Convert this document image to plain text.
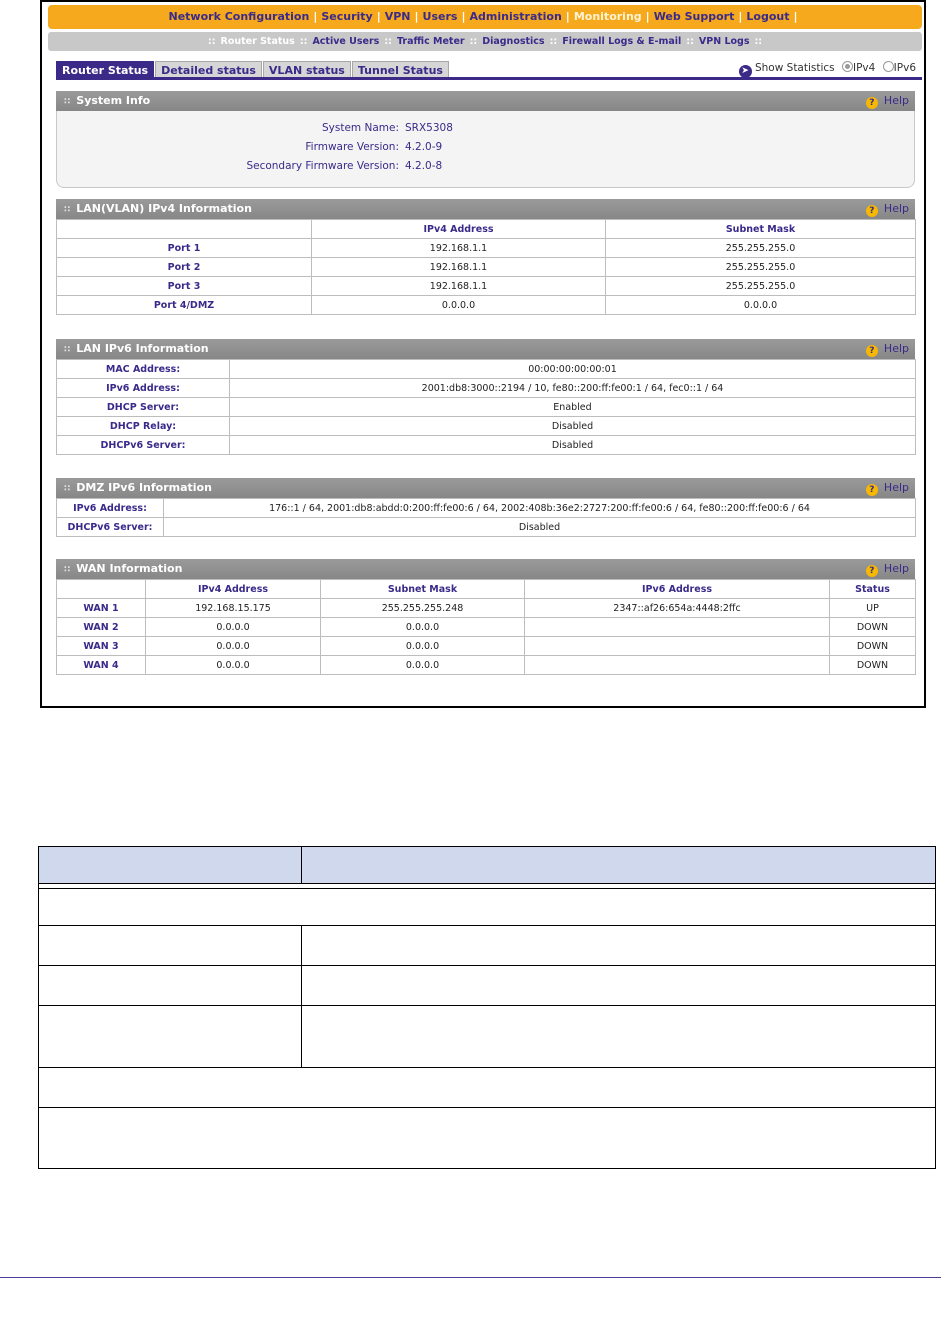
Network Configuration | Security | VPN | Users | Administration | Monitoring | Web Support | Logout |
:: Router Status :: Active Users :: Traffic Meter :: Diagnostics :: Firewall Logs & E-mail :: VPN Logs ::
Router Status Detailed status VLAN status Tunnel Status	➤ Show Statistics IPv4 IPv6
∷ System Info	? Help
System Name: SRX5308
Firmware Version: 4.2.0-9
Secondary Firmware Version: 4.2.0-8
∷ LAN(VLAN) IPv4 Information	? Help
	IPv4 Address	Subnet Mask
Port 1	192.168.1.1	255.255.255.0
Port 2	192.168.1.1	255.255.255.0
Port 3	192.168.1.1	255.255.255.0
Port 4/DMZ	0.0.0.0	0.0.0.0
∷ LAN IPv6 Information	? Help
MAC Address:	00:00:00:00:00:01
IPv6 Address:	2001:db8:3000::2194 / 10, fe80::200:ff:fe00:1 / 64, fec0::1 / 64
DHCP Server:	Enabled
DHCP Relay:	Disabled
DHCPv6 Server:	Disabled
∷ DMZ IPv6 Information	? Help
IPv6 Address:	176::1 / 64, 2001:db8:abdd:0:200:ff:fe00:6 / 64, 2002:408b:36e2:2727:200:ff:fe00:6 / 64, fe80::200:ff:fe00:6 / 64
DHCPv6 Server:	Disabled
∷ WAN Information	? Help
	IPv4 Address	Subnet Mask	IPv6 Address	Status
WAN 1	192.168.15.175	255.255.255.248	2347::af26:654a:4448:2ffc	UP
WAN 2	0.0.0.0	0.0.0.0		DOWN
WAN 3	0.0.0.0	0.0.0.0		DOWN
WAN 4	0.0.0.0	0.0.0.0		DOWN
